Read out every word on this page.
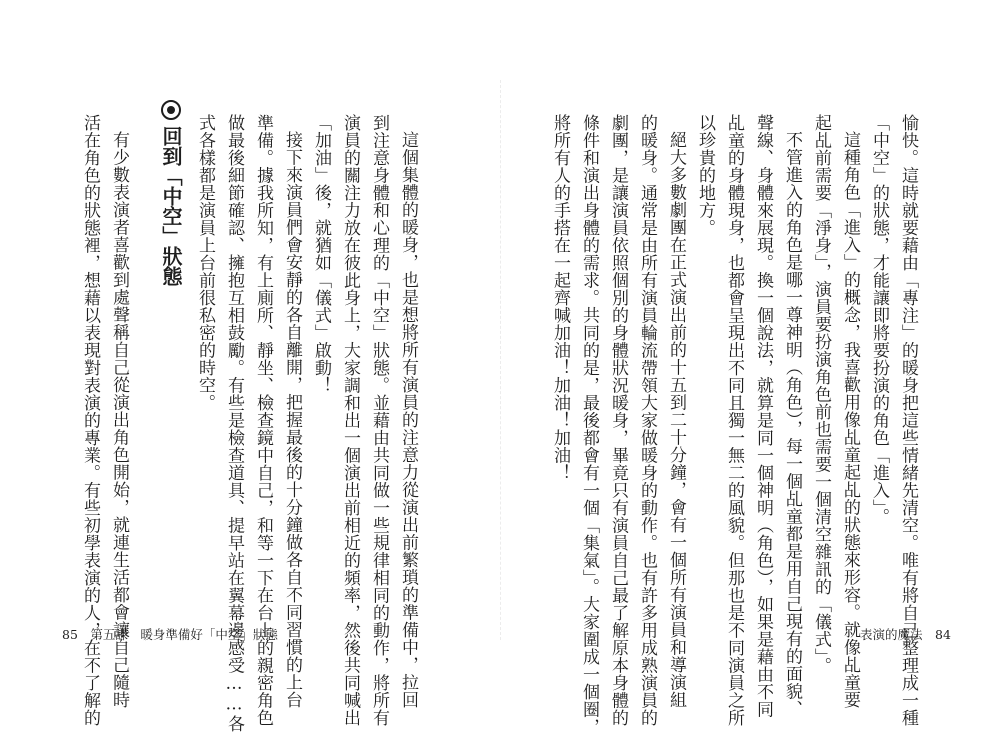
這個集體的暖身，也是想將所有演員的注意力從演出前繁瑣的準備中，拉回
到注意身體和心理的「中空」狀態。並藉由共同做一些規律相同的動作，將所有
演員的關注力放在彼此身上，大家調和出一個演出前相近的頻率，然後共同喊出
「加油」後，就猶如「儀式」啟動！
接下來演員們會安靜的各自離開，把握最後的十分鐘做各自不同習慣的上台
準備。據我所知，有上廁所、靜坐、檢查鏡中自己，和等一下在台上的親密角色
做最後細節確認、擁抱互相鼓勵。有些是檢查道具、提早站在翼幕邊感受……各
式各樣都是演員上台前很私密的時空。
回到「中空」狀態
有少數表演者喜歡到處聲稱自己從演出角色開始，就連生活都會讓自己隨時
活在角色的狀態裡，想藉以表現對表演的專業。有些初學表演的人，在不了解的
85　第五課　暖身準備好「中空」狀態	愉快。這時就要藉由「專注」的暖身把這些情緒先清空。唯有將自己整理成一種
「中空」的狀態，才能讓即將要扮演的角色「進入」。
這種角色「進入」的概念，我喜歡用像乩童起乩的狀態來形容。就像乩童要
起乩前需要「淨身」，演員要扮演角色前也需要一個清空雜訊的「儀式」。
不管進入的角色是哪一尊神明（角色），每一個乩童都是用自己現有的面貌、
聲線、身體來展現。換一個說法，就算是同一個神明（角色），如果是藉由不同
乩童的身體現身，也都會呈現出不同且獨一無二的風貌。但那也是不同演員之所
以珍貴的地方。
絕大多數劇團在正式演出前的十五到二十分鐘，會有一個所有演員和導演組
的暖身。通常是由所有演員輪流帶領大家做暖身的動作。也有許多用成熟演員的
劇團，是讓演員依照個別的身體狀況暖身，畢竟只有演員自己最了解原本身體的
條件和演出身體的需求。共同的是，最後都會有一個「集氣」。大家圍成一個圈，
將所有人的手搭在一起齊喊加油！加油！加油！
表演的魔法　84
